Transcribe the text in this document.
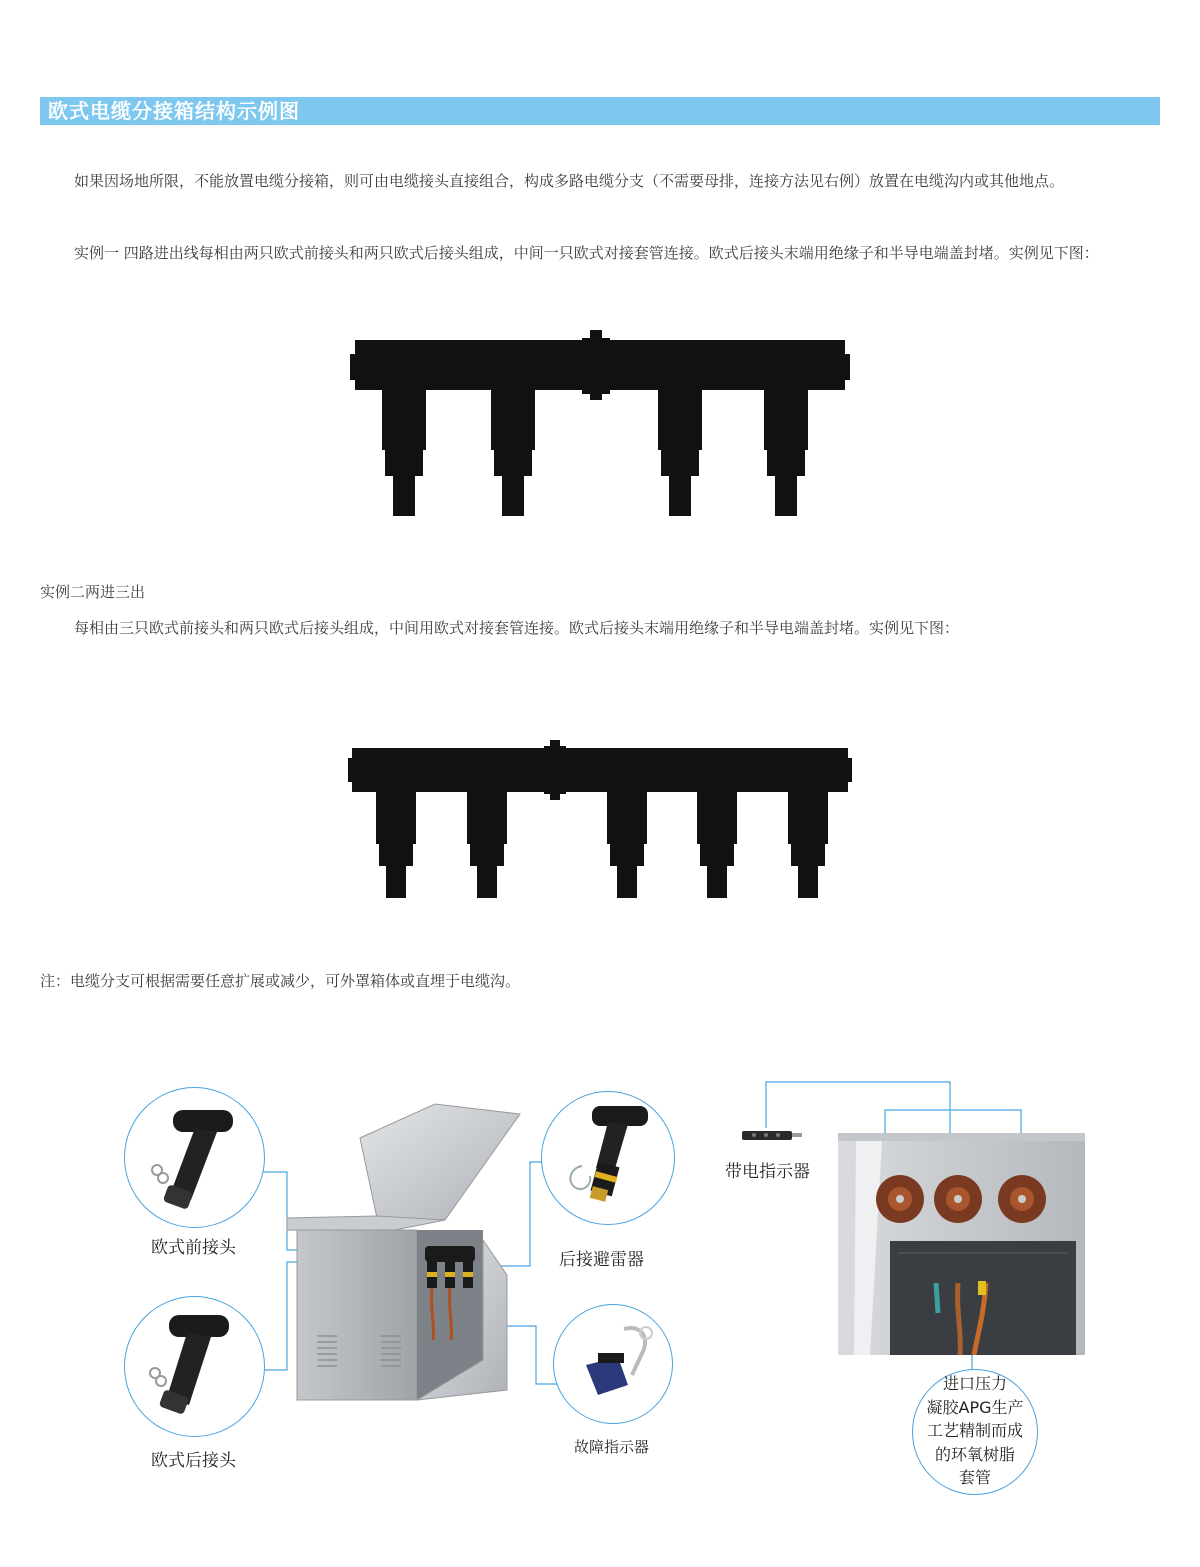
欧式电缆分接箱结构示例图

如果因场地所限，不能放置电缆分接箱，则可由电缆接头直接组合，构成多路电缆分支（不需要母排，连接方法见右例）放置在电缆沟内或其他地点。

实例一 四路进出线每相由两只欧式前接头和两只欧式后接头组成，中间一只欧式对接套管连接。欧式后接头末端用绝缘子和半导电端盖封堵。实例见下图：

实例二两进三出

每相由三只欧式前接头和两只欧式后接头组成，中间用欧式对接套管连接。欧式后接头末端用绝缘子和半导电端盖封堵。实例见下图：

注：电缆分支可根据需要任意扩展或减少，可外罩箱体或直埋于电缆沟。

欧式前接头
欧式后接头
后接避雷器
故障指示器
带电指示器
进口压力
凝胶APG生产
工艺精制而成
的环氧树脂
套管
